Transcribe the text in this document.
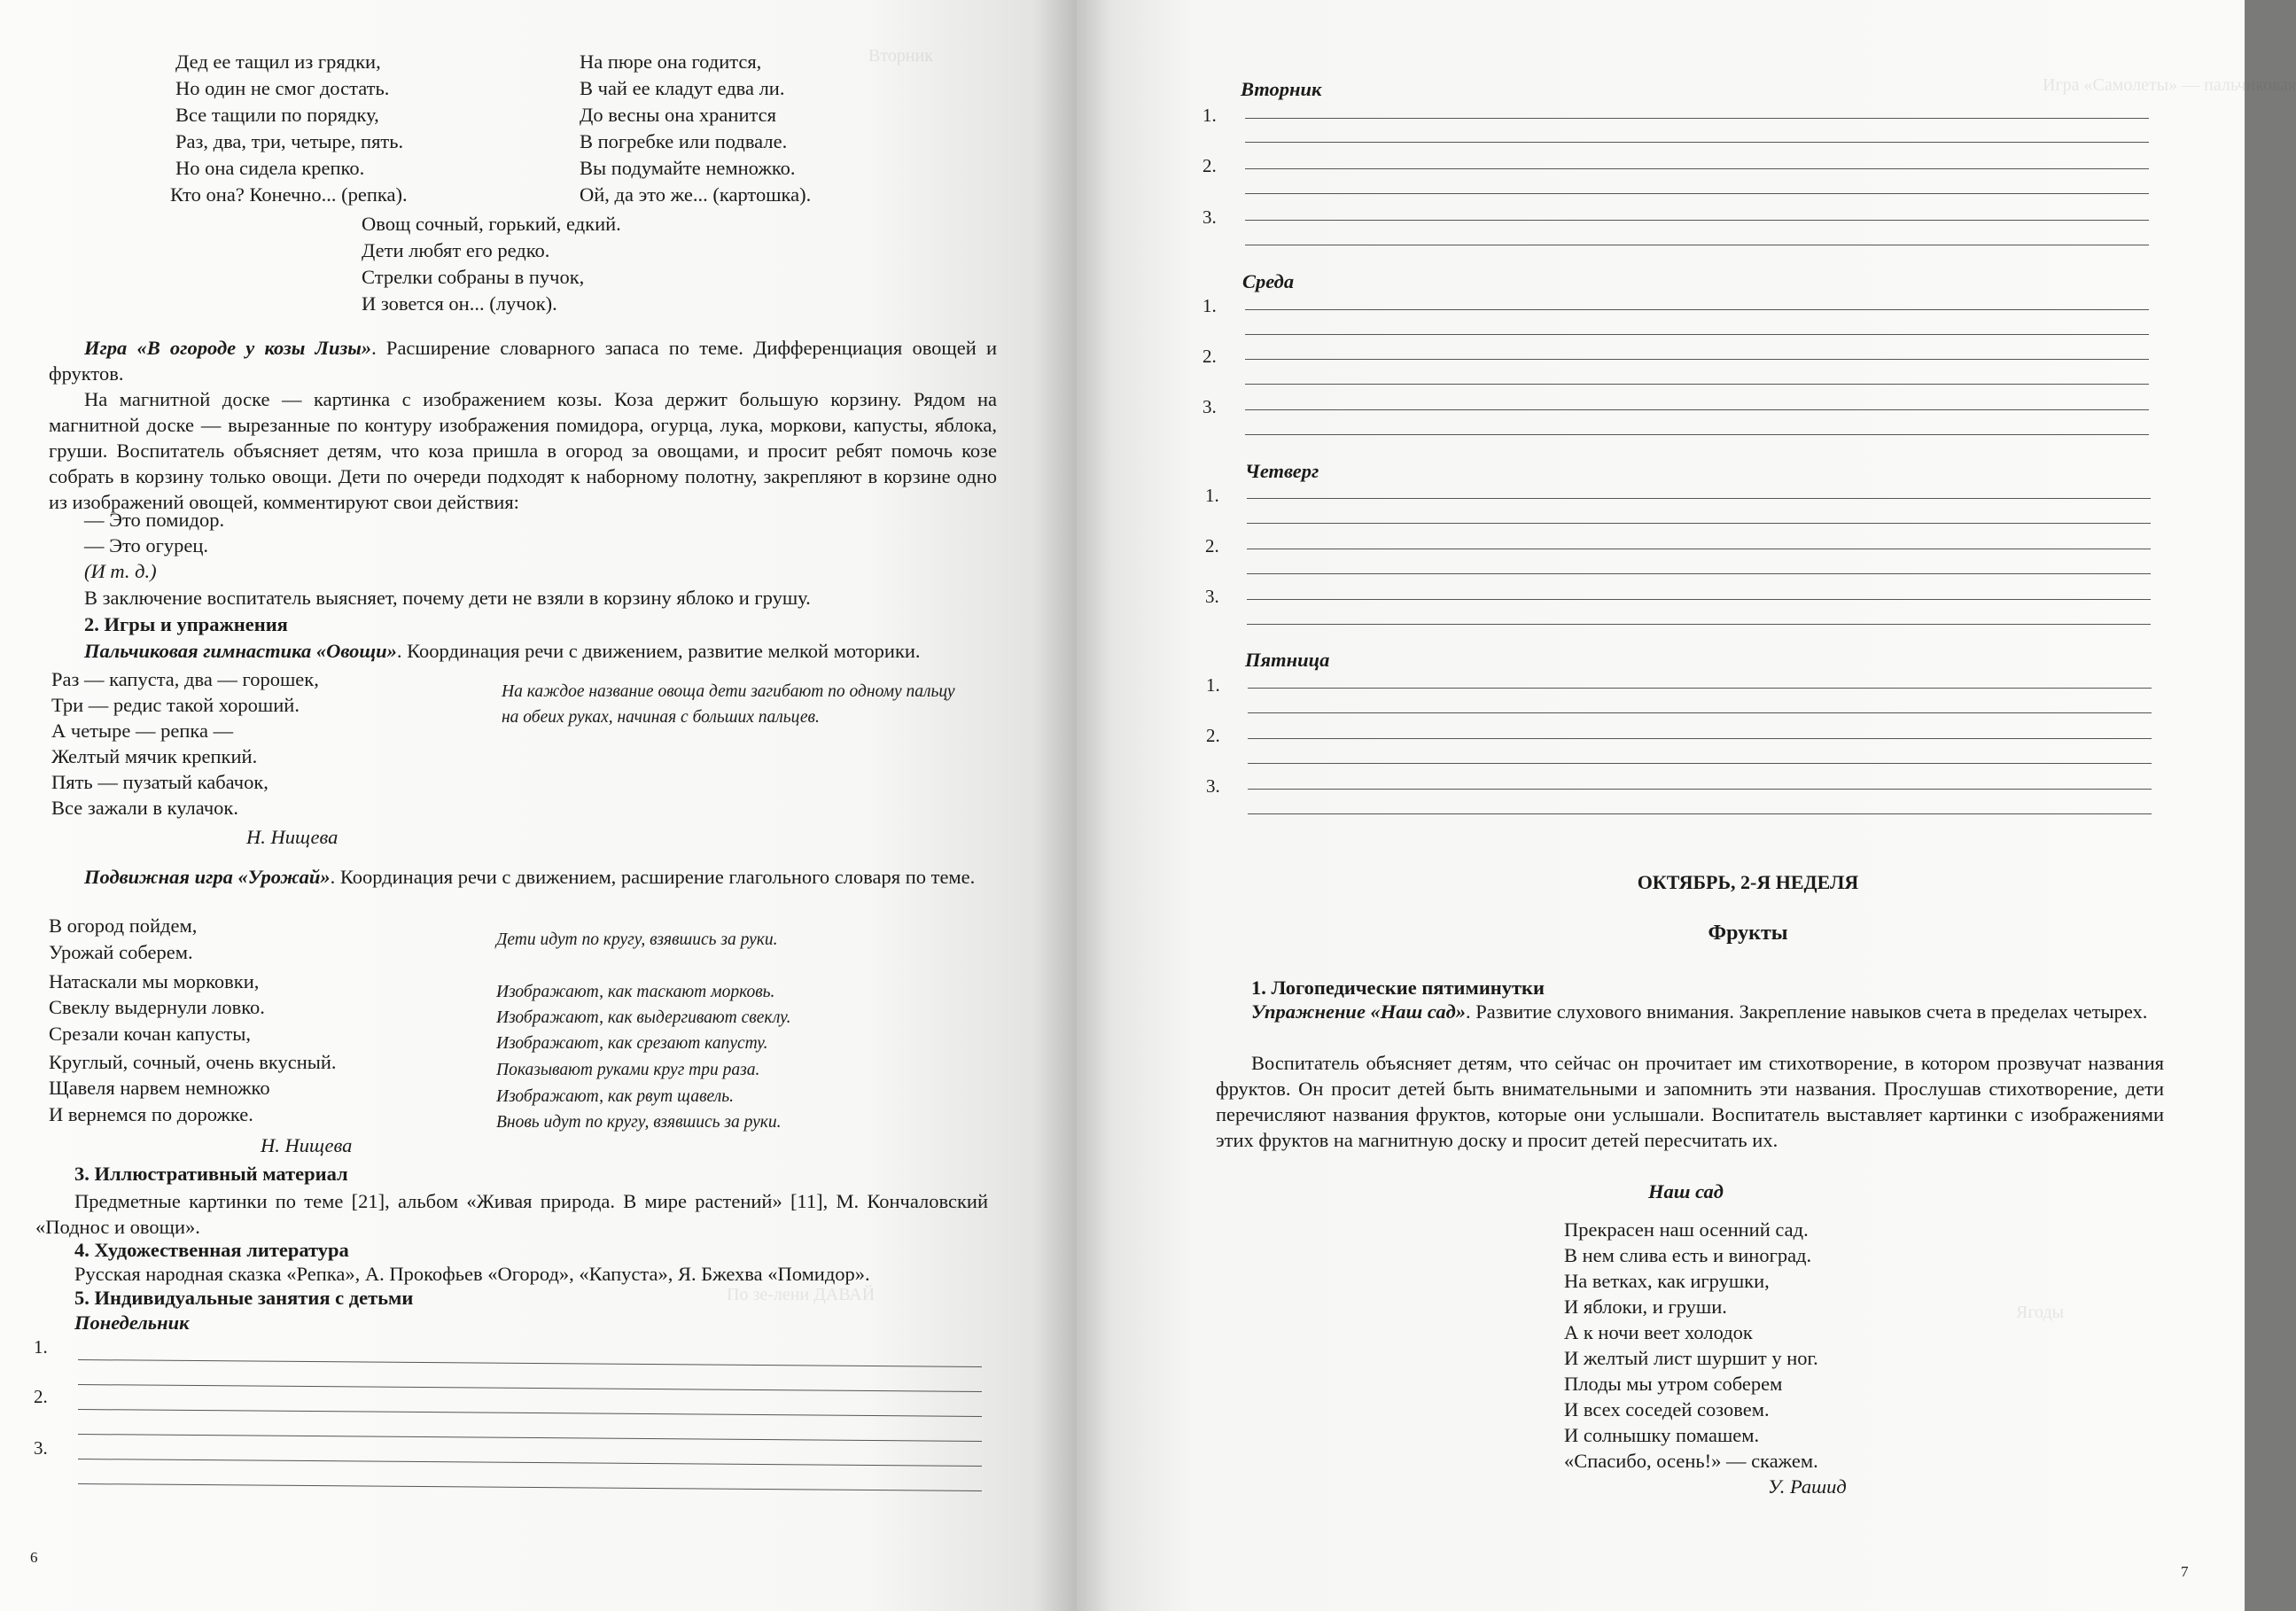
Вторник
По зе-лени ДАВАЙ
Дед ее тащил из грядки,
Но один не смог достать.
Все тащили по порядку,
Раз, два, три, четыре, пять.
Но она сидела крепко.
Кто она? Конечно... (репка).
На пюре она годится,
В чай ее кладут едва ли.
До весны она хранится
В погребке или подвале.
Вы подумайте немножко.
Ой, да это же... (картошка).
Овощ сочный, горький, едкий.
Дети любят его редко.
Стрелки собраны в пучок,
И зовется он... (лучок).
Игра «В огороде у козы Лизы». Расширение словарного запаса по теме. Дифференциация овощей и фруктов.
На магнитной доске — картинка с изображением козы. Коза держит большую корзину. Рядом на магнитной доске — вырезанные по контуру изображения помидора, огурца, лука, моркови, капусты, яблока, груши. Воспитатель объясняет детям, что коза пришла в огород за овощами, и просит ребят помочь козе собрать в корзину только овощи. Дети по очереди подходят к наборному полотну, закрепляют в корзине одно из изображений овощей, комментируют свои действия:
— Это помидор.
— Это огурец.
(И т. д.)
В заключение воспитатель выясняет, почему дети не взяли в корзину яблоко и грушу.
2. Игры и упражнения
Пальчиковая гимнастика «Овощи». Координация речи с движением, развитие мелкой моторики.
Раз — капуста, два — горошек,
Три — редис такой хороший.
А четыре — репка —
Желтый мячик крепкий.
Пять — пузатый кабачок,
Все зажали в кулачок.
На каждое название овоща дети загибают по одному пальцу
на обеих руках, начиная с больших пальцев.
Н. Нищева
Подвижная игра «Урожай». Координация речи с движением, расширение глагольного словаря по теме.
В огород пойдем,
Урожай соберем.
Натаскали мы морковки,
Свеклу выдернули ловко.
Срезали кочан капусты,
Круглый, сочный, очень вкусный.
Щавеля нарвем немножко
И вернемся по дорожке.
Дети идут по кругу, взявшись за руки.
Изображают, как таскают морковь.
Изображают, как выдергивают свеклу.
Изображают, как срезают капусту.
Показывают руками круг три раза.
Изображают, как рвут щавель.
Вновь идут по кругу, взявшись за руки.
Н. Нищева
3. Иллюстративный материал
Предметные картинки по теме [21], альбом «Живая природа. В мире растений» [11], М. Кончаловский «Поднос и овощи».
4. Художественная литература
Русская народная сказка «Репка», А. Прокофьев «Огород», «Капуста», Я. Бжехва «Помидор».
5. Индивидуальные занятия с детьми
Понедельник
1.
2.
3.
6
Игра «Самолеты» — пальчиковая
Ягоды
Вторник
1.
2.
3.
Среда
1.
2.
3.
Четверг
1.
2.
3.
Пятница
1.
2.
3.
ОКТЯБРЬ, 2-Я НЕДЕЛЯ
Фрукты
1. Логопедические пятиминутки
Упражнение «Наш сад». Развитие слухового внимания. Закрепление навыков счета в пределах четырех.
Воспитатель объясняет детям, что сейчас он прочитает им стихотворение, в котором прозвучат названия фруктов. Он просит детей быть внимательными и запомнить эти названия. Прослушав стихотворение, дети перечисляют названия фруктов, которые они услышали. Воспитатель выставляет картинки с изображениями этих фруктов на магнитную доску и просит детей пересчитать их.
Наш сад
Прекрасен наш осенний сад.
В нем слива есть и виноград.
На ветках, как игрушки,
И яблоки, и груши.
А к ночи веет холодок
И желтый лист шуршит у ног.
Плоды мы утром соберем
И всех соседей созовем.
И солнышку помашем.
«Спасибо, осень!» — скажем.
У. Рашид
7
